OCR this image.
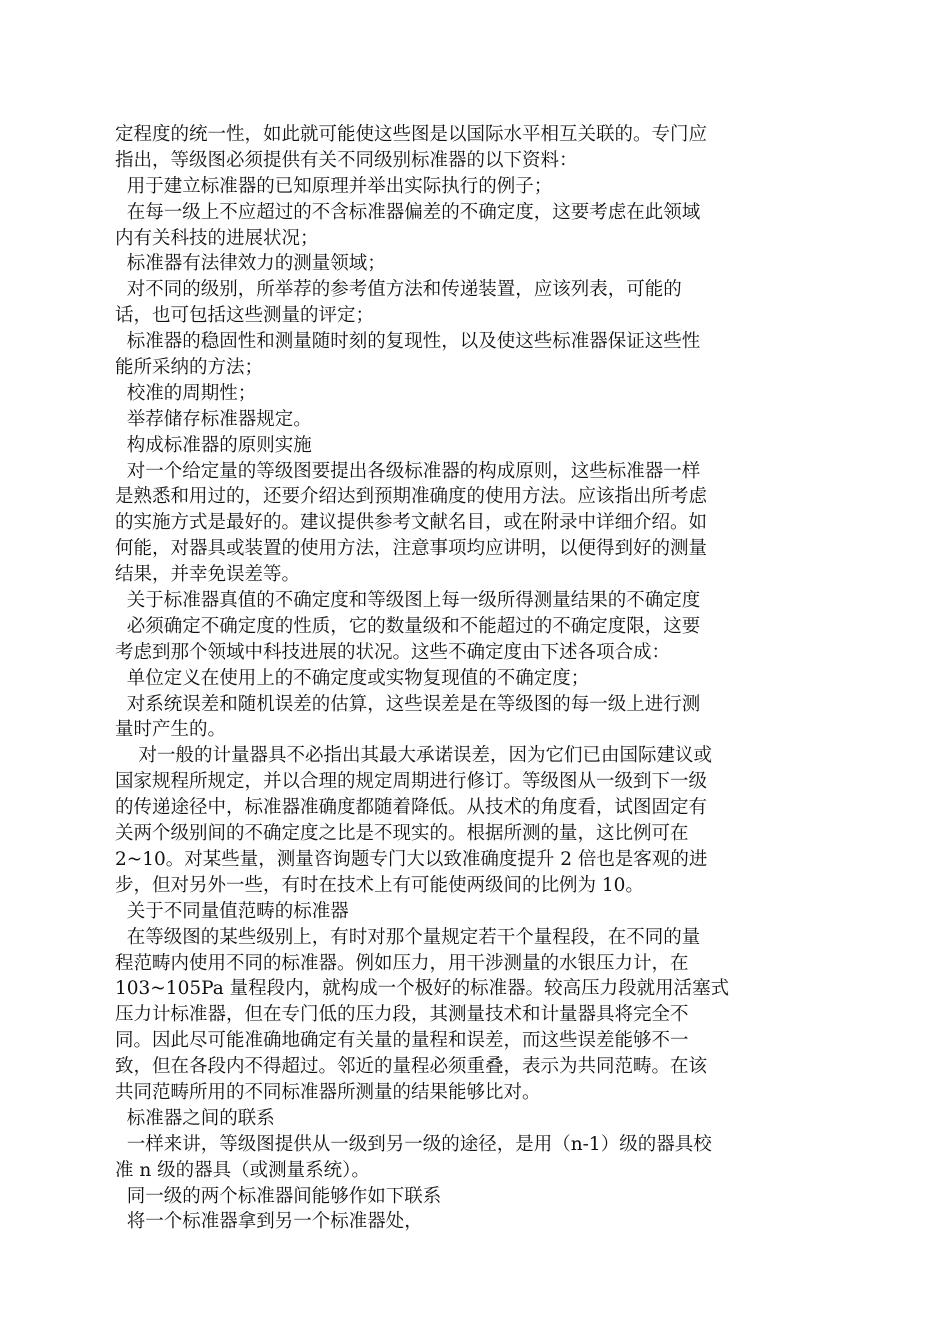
定程度的统一性，如此就可能使这些图是以国际水平相互关联的。专门应
指出，等级图必须提供有关不同级别标准器的以下资料：
用于建立标准器的已知原理并举出实际执行的例子；
在每一级上不应超过的不含标准器偏差的不确定度，这要考虑在此领域
内有关科技的进展状况；
标准器有法律效力的测量领域；
对不同的级别，所举荐的参考值方法和传递装置，应该列表，可能的
话，也可包括这些测量的评定；
标准器的稳固性和测量随时刻的复现性，以及使这些标准器保证这些性
能所采纳的方法；
校准的周期性；
举荐储存标准器规定。
构成标准器的原则实施
对一个给定量的等级图要提出各级标准器的构成原则，这些标准器一样
是熟悉和用过的，还要介绍达到预期准确度的使用方法。应该指出所考虑
的实施方式是最好的。建议提供参考文献名目，或在附录中详细介绍。如
何能，对器具或装置的使用方法，注意事项均应讲明，以便得到好的测量
结果，并幸免误差等。
关于标准器真值的不确定度和等级图上每一级所得测量结果的不确定度
必须确定不确定度的性质，它的数量级和不能超过的不确定度限，这要
考虑到那个领域中科技进展的状况。这些不确定度由下述各项合成：
单位定义在使用上的不确定度或实物复现值的不确定度；
对系统误差和随机误差的估算，这些误差是在等级图的每一级上进行测
量时产生的。
对一般的计量器具不必指出其最大承诺误差，因为它们已由国际建议或
国家规程所规定，并以合理的规定周期进行修订。等级图从一级到下一级
的传递途径中，标准器准确度都随着降低。从技术的角度看，试图固定有
关两个级别间的不确定度之比是不现实的。根据所测的量，这比例可在
2~10。对某些量，测量咨询题专门大以致准确度提升 2 倍也是客观的进
步，但对另外一些，有时在技术上有可能使两级间的比例为 10。
关于不同量值范畴的标准器
在等级图的某些级别上，有时对那个量规定若干个量程段，在不同的量
程范畴内使用不同的标准器。例如压力，用干涉测量的水银压力计，在
103~105Pa 量程段内，就构成一个极好的标准器。较高压力段就用活塞式
压力计标准器，但在专门低的压力段，其测量技术和计量器具将完全不
同。因此尽可能准确地确定有关量的量程和误差，而这些误差能够不一
致，但在各段内不得超过。邻近的量程必须重叠，表示为共同范畴。在该
共同范畴所用的不同标准器所测量的结果能够比对。
标准器之间的联系
一样来讲，等级图提供从一级到另一级的途径，是用（n-1）级的器具校
准 n 级的器具（或测量系统）。
同一级的两个标准器间能够作如下联系
将一个标准器拿到另一个标准器处，
